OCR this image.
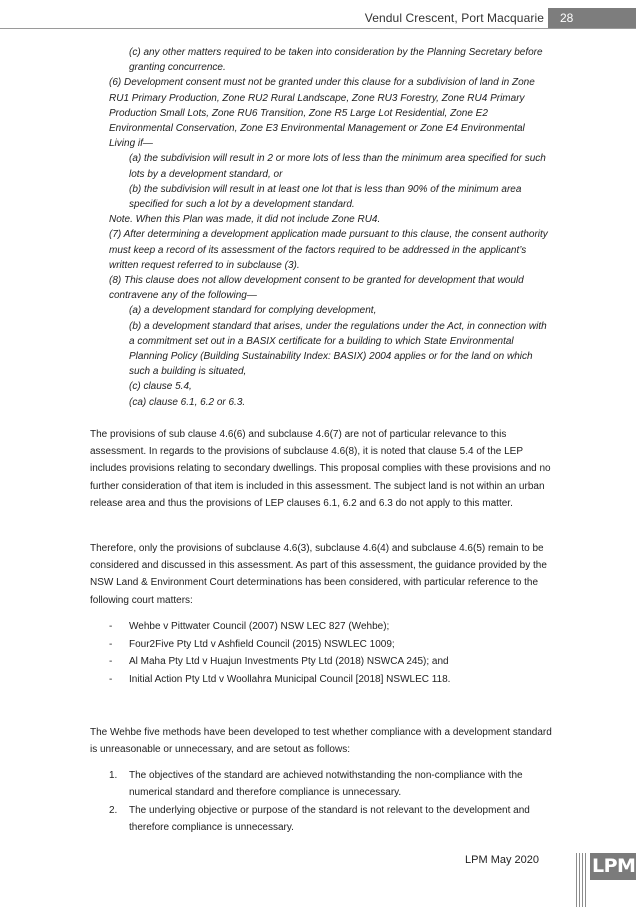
Vendul Crescent, Port Macquarie 28

(c) any other matters required to be taken into consideration by the Planning Secretary before granting concurrence.

(6) Development consent must not be granted under this clause for a subdivision of land in Zone RU1 Primary Production, Zone RU2 Rural Landscape, Zone RU3 Forestry, Zone RU4 Primary Production Small Lots, Zone RU6 Transition, Zone R5 Large Lot Residential, Zone E2 Environmental Conservation, Zone E3 Environmental Management or Zone E4 Environmental Living if—

(a) the subdivision will result in 2 or more lots of less than the minimum area specified for such lots by a development standard, or

(b) the subdivision will result in at least one lot that is less than 90% of the minimum area specified for such a lot by a development standard.

Note. When this Plan was made, it did not include Zone RU4.

(7) After determining a development application made pursuant to this clause, the consent authority must keep a record of its assessment of the factors required to be addressed in the applicant’s written request referred to in subclause (3).

(8) This clause does not allow development consent to be granted for development that would contravene any of the following—

(a) a development standard for complying development,

(b) a development standard that arises, under the regulations under the Act, in connection with a commitment set out in a BASIX certificate for a building to which State Environmental Planning Policy (Building Sustainability Index: BASIX) 2004 applies or for the land on which such a building is situated,

(c) clause 5.4,

(ca) clause 6.1, 6.2 or 6.3.

The provisions of sub clause 4.6(6) and subclause 4.6(7) are not of particular relevance to this assessment. In regards to the provisions of subclause 4.6(8), it is noted that clause 5.4 of the LEP includes provisions relating to secondary dwellings. This proposal complies with these provisions and no further consideration of that item is included in this assessment. The subject land is not within an urban release area and thus the provisions of LEP clauses 6.1, 6.2 and 6.3 do not apply to this matter.

Therefore, only the provisions of subclause 4.6(3), subclause 4.6(4) and subclause 4.6(5) remain to be considered and discussed in this assessment. As part of this assessment, the guidance provided by the NSW Land & Environment Court determinations has been considered, with particular reference to the following court matters:

- Wehbe v Pittwater Council (2007) NSW LEC 827 (Wehbe);
- Four2Five Pty Ltd v Ashfield Council (2015) NSWLEC 1009;
- Al Maha Pty Ltd v Huajun Investments Pty Ltd (2018) NSWCA 245); and
- Initial Action Pty Ltd v Woollahra Municipal Council [2018] NSWLEC 118.

The Wehbe five methods have been developed to test whether compliance with a development standard is unreasonable or unnecessary, and are setout as follows:

1. The objectives of the standard are achieved notwithstanding the non-compliance with the numerical standard and therefore compliance is unnecessary.
2. The underlying objective or purpose of the standard is not relevant to the development and therefore compliance is unnecessary.
LPM May 2020	LPM
